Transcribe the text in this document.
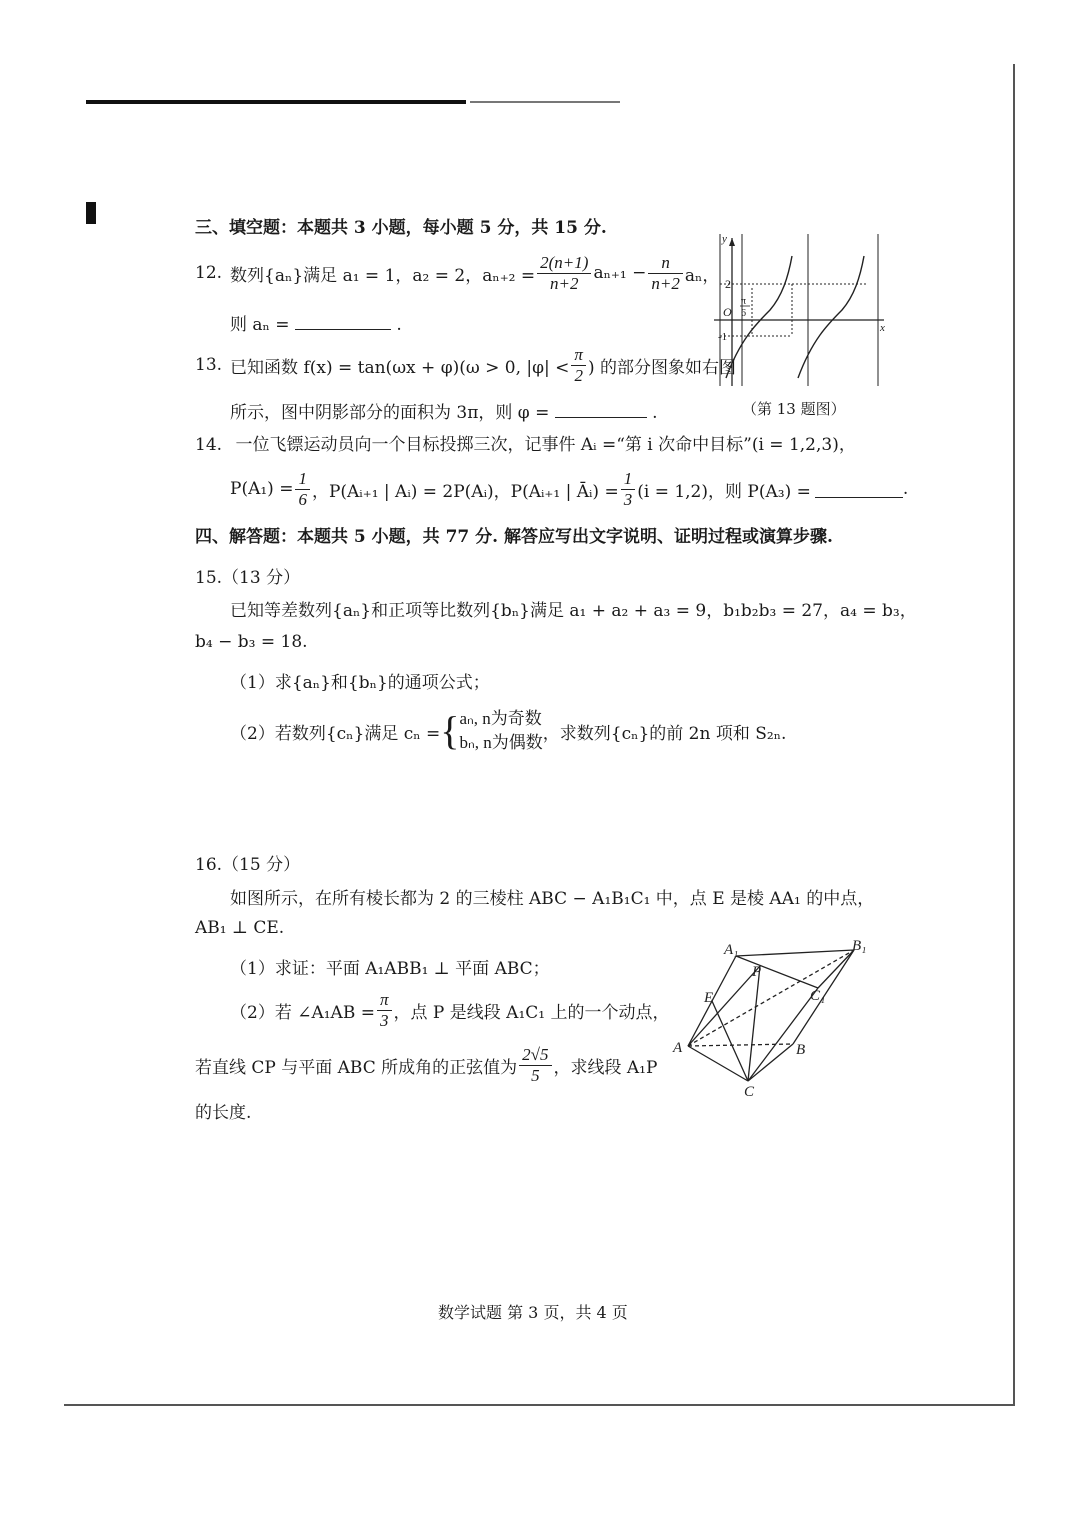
三、填空题：本题共 3 小题，每小题 5 分，共 15 分.
12. 数列{aₙ}满足 a₁ = 1，a₂ = 2，$a_{n+2} = \frac{2(n+1)}{n+2} a_{n+1} - \frac{n}{n+2}$ aₙ，
则 aₙ =	.
13. 已知函数 f(x) = tan(ωx + φ)(ω > 0, $|\varphi| < \frac{\pi}{2}$ ) 的部分图象如右图
所示，图中阴影部分的面积为 3π，则 φ =	.
y
x
O
2
-1
π
6
（第 13 题图）
14. 一位飞镖运动员向一个目标投掷三次，记事件 Aᵢ =“第 i 次命中目标”(i = 1,2,3)，
$P(A_1) = \frac{1}{6}$ ，P(Aᵢ₊₁ | Aᵢ) = 2P(Aᵢ)，P(Aᵢ₊₁ | Āᵢ) = $\frac{1}{3} (i = 1,2)$，则 P(A₃) =	.
四、解答题：本题共 5 小题，共 77 分. 解答应写出文字说明、证明过程或演算步骤.
15.（13 分）
已知等差数列{aₙ}和正项等比数列{bₙ}满足 a₁ + a₂ + a₃ = 9，b₁b₂b₃ = 27，a₄ = b₃，
b₄ − b₃ = 18.
（1）求{aₙ}和{bₙ}的通项公式；
（2）若数列{cₙ}满足 cₙ = { aₙ, n为奇数
bₙ, n为偶数 ，求数列{cₙ}的前 2n 项和 S₂ₙ.
16.（15 分）
如图所示，在所有棱长都为 2 的三棱柱 ABC − A₁B₁C₁ 中，点 E 是棱 AA₁ 的中点，
AB₁ ⊥ CE.
（1）求证：平面 A₁ABB₁ ⊥ 平面 ABC；
（2）若 ∠A₁AB = $\frac{\pi}{3}$ ，点 P 是线段 A₁C₁ 上的一个动点，
若直线 CP 与平面 ABC 所成角的正弦值为 $\frac{2√5}{5}$ ，求线段 A₁P
的长度.
A₁	B₁
P
C₁
E
A	B
C
数学试题 第 3 页，共 4 页
